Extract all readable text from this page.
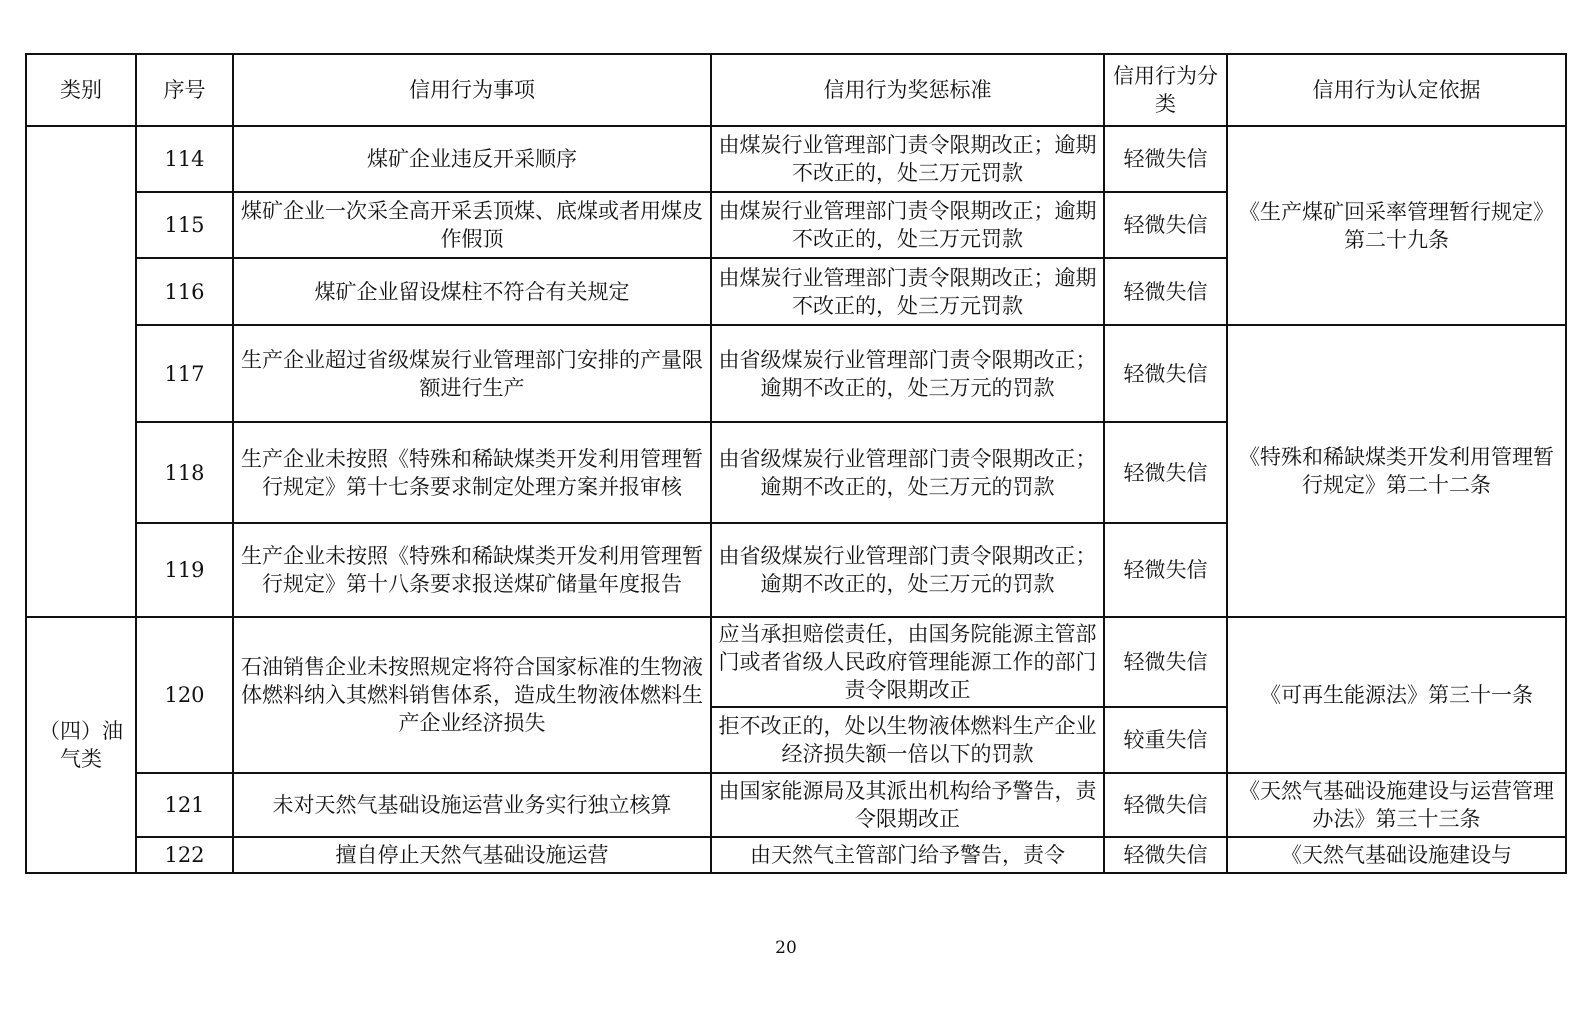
类别	序号	信用行为事项	信用行为奖惩标准	信用行为分类	信用行为认定依据
	114	煤矿企业违反开采顺序	由煤炭行业管理部门责令限期改正；逾期不改正的，处三万元罚款	轻微失信	《生产煤矿回采率管理暂行规定》第二十九条
	115	煤矿企业一次采全高开采丢顶煤、底煤或者用煤皮作假顶	由煤炭行业管理部门责令限期改正；逾期不改正的，处三万元罚款	轻微失信	
	116	煤矿企业留设煤柱不符合有关规定	由煤炭行业管理部门责令限期改正；逾期不改正的，处三万元罚款	轻微失信	
	117	生产企业超过省级煤炭行业管理部门安排的产量限额进行生产	由省级煤炭行业管理部门责令限期改正；逾期不改正的，处三万元的罚款	轻微失信	《特殊和稀缺煤类开发利用管理暂行规定》第二十二条
	118	生产企业未按照《特殊和稀缺煤类开发利用管理暂行规定》第十七条要求制定处理方案并报审核	由省级煤炭行业管理部门责令限期改正；逾期不改正的，处三万元的罚款	轻微失信	
	119	生产企业未按照《特殊和稀缺煤类开发利用管理暂行规定》第十八条要求报送煤矿储量年度报告	由省级煤炭行业管理部门责令限期改正；逾期不改正的，处三万元的罚款	轻微失信	
（四）油气类	120	石油销售企业未按照规定将符合国家标准的生物液体燃料纳入其燃料销售体系，造成生物液体燃料生产企业经济损失	应当承担赔偿责任，由国务院能源主管部门或者省级人民政府管理能源工作的部门责令限期改正	轻微失信	《可再生能源法》第三十一条
			拒不改正的，处以生物液体燃料生产企业经济损失额一倍以下的罚款	较重失信	
	121	未对天然气基础设施运营业务实行独立核算	由国家能源局及其派出机构给予警告，责令限期改正	轻微失信	《天然气基础设施建设与运营管理办法》第三十三条
	122	擅自停止天然气基础设施运营	由天然气主管部门给予警告，责令	轻微失信	《天然气基础设施建设与
20
